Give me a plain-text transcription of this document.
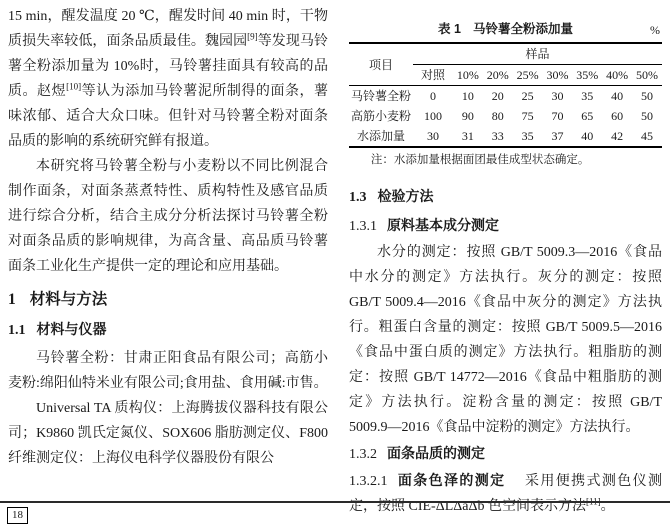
15 min，醒发温度 20 ℃，醒发时间 40 min 时，干物质损失率较低，面条品质最佳。魏园园[9]等发现马铃薯全粉添加量为 10%时，马铃薯挂面具有较高的品质。赵煜[10]等认为添加马铃薯泥所制得的面条，薯味浓郁、适合大众口味。但针对马铃薯全粉对面条品质的影响的系统研究鲜有报道。

本研究将马铃薯全粉与小麦粉以不同比例混合制作面条，对面条蒸煮特性、质构特性及感官品质进行综合分析，结合主成分分析法探讨马铃薯全粉对面条品质的影响规律，为高含量、高品质马铃薯面条工业化生产提供一定的理论和应用基础。

1 材料与方法
1.1 材料与仪器

马铃薯全粉：甘肃正阳食品有限公司；高筋小麦粉:绵阳仙特米业有限公司;食用盐、食用碱:市售。

Universal TA 质构仪：上海腾拔仪器科技有限公司；K9860 凯氏定氮仪、SOX606 脂肪测定仪、F800 纤维测定仪：上海仪电科学仪器股份有限公

表 1 马铃薯全粉添加量	%
项目	样品							
	对照	10%	20%	25%	30%	35%	40%	50%
马铃薯全粉	0	10	20	25	30	35	40	50
高筋小麦粉	100	90	80	75	70	65	60	50
水添加量	30	31	33	35	37	40	42	45
注：水添加量根据面团最佳成型状态确定。
1.3 检验方法
1.3.1 原料基本成分测定

水分的测定：按照 GB/T 5009.3—2016《食品中水分的测定》方法执行。灰分的测定：按照 GB/T 5009.4—2016《食品中灰分的测定》方法执行。粗蛋白含量的测定：按照 GB/T 5009.5—2016《食品中蛋白质的测定》方法执行。粗脂肪的测定：按照 GB/T 14772—2016《食品中粗脂肪的测定》方法执行。淀粉含量的测定：按照 GB/T 5009.9—2016《食品中淀粉的测定》方法执行。

1.3.2 面条品质的测定

1.3.2.1 面条色泽的测定 采用便携式测色仪测定，按照 CIE-ΔLΔaΔb 色空间表示方法[11]。

18
